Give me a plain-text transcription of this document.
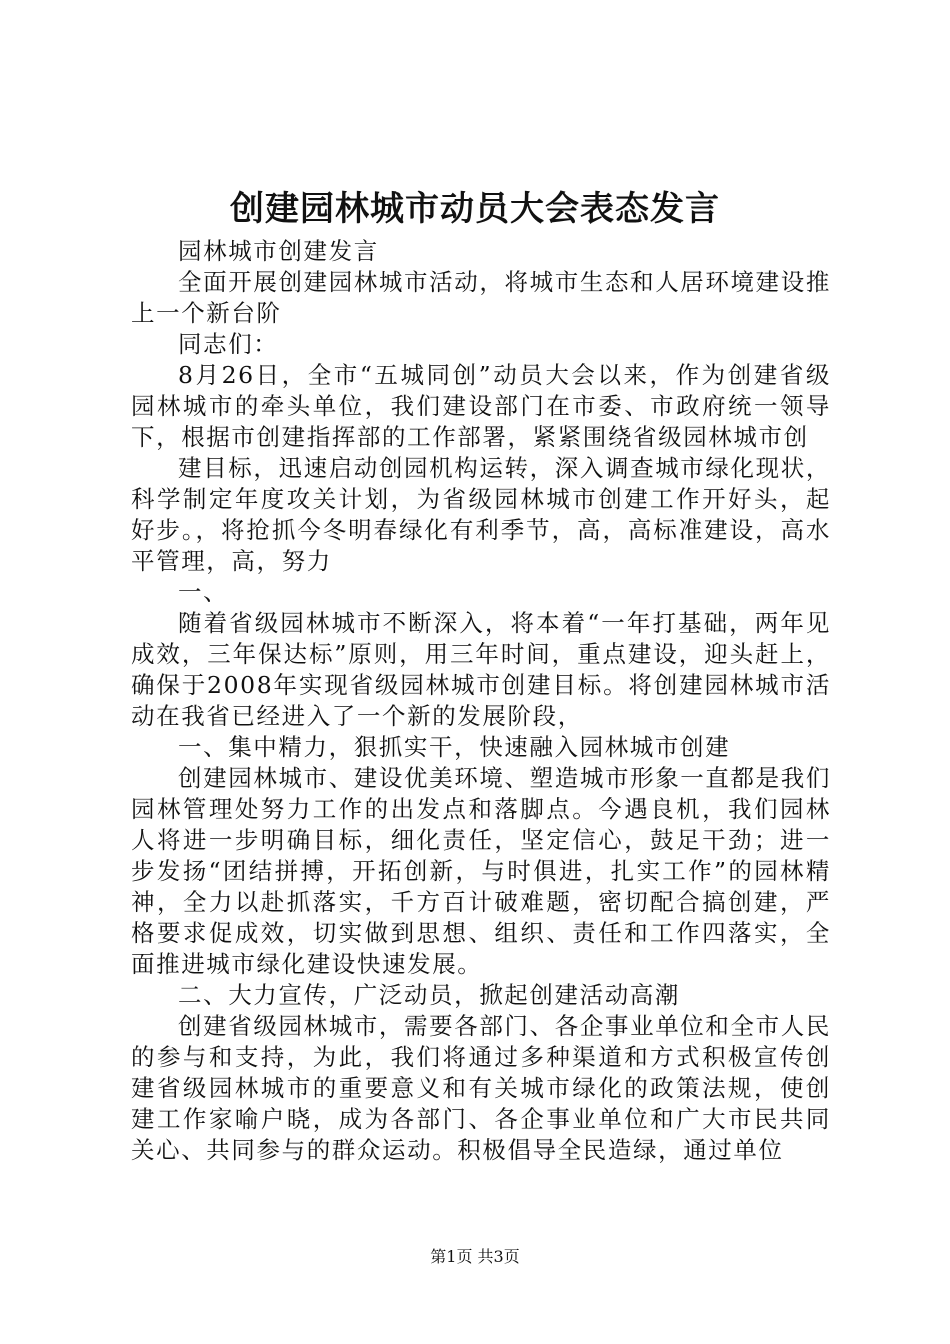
创建园林城市动员大会表态发言

园林城市创建发言

全面开展创建园林城市活动，将城市生态和人居环境建设推上一个新台阶

同志们：

8月26日，全市“五城同创”动员大会以来，作为创建省级园林城市的牵头单位，我们建设部门在市委、市政府统一领导下，根据市创建指挥部的工作部署，紧紧围绕省级园林城市创

建目标，迅速启动创园机构运转，深入调查城市绿化现状，科学制定年度攻关计划，为省级园林城市创建工作开好头，起好步。，将抢抓今冬明春绿化有利季节，高，高标准建设，高水平管理，高，努力

一、

随着省级园林城市不断深入，将本着“一年打基础，两年见成效，三年保达标”原则，用三年时间，重点建设，迎头赶上，确保于2008年实现省级园林城市创建目标。将创建园林城市活动在我省已经进入了一个新的发展阶段，

一、集中精力，狠抓实干，快速融入园林城市创建

创建园林城市、建设优美环境、塑造城市形象一直都是我们园林管理处努力工作的出发点和落脚点。今遇良机，我们园林人将进一步明确目标，细化责任，坚定信心，鼓足干劲；进一步发扬“团结拼搏，开拓创新，与时俱进，扎实工作”的园林精神，全力以赴抓落实，千方百计破难题，密切配合搞创建，严格要求促成效，切实做到思想、组织、责任和工作四落实，全面推进城市绿化建设快速发展。

二、大力宣传，广泛动员，掀起创建活动高潮

创建省级园林城市，需要各部门、各企事业单位和全市人民的参与和支持，为此，我们将通过多种渠道和方式积极宣传创建省级园林城市的重要意义和有关城市绿化的政策法规，使创建工作家喻户晓，成为各部门、各企事业单位和广大市民共同关心、共同参与的群众运动。积极倡导全民造绿，通过单位

第1页 共3页
